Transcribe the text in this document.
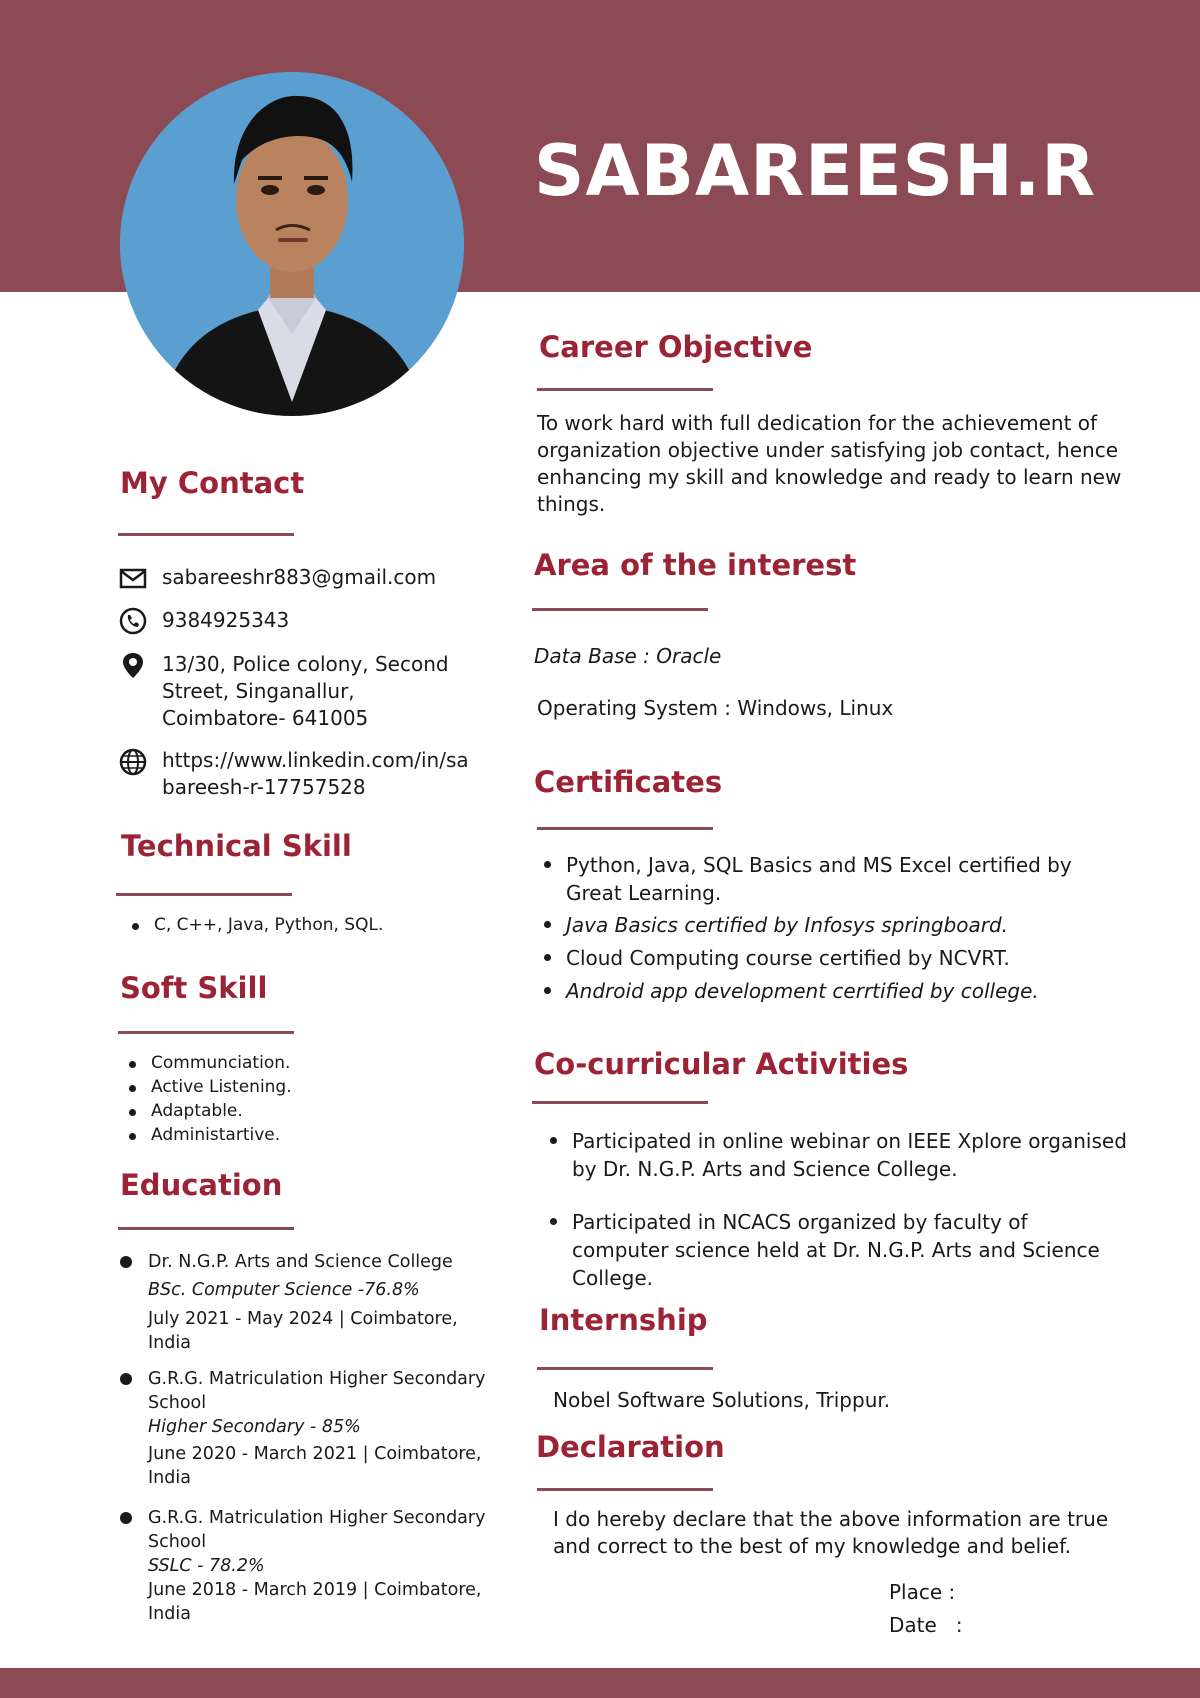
SABAREESH.R
My Contact
sabareeshr883@gmail.com
9384925343
13/30, Police colony, Second
Street, Singanallur,
Coimbatore- 641005
https://www.linkedin.com/in/sa
bareesh-r-17757528
Technical Skill
C, C++, Java, Python, SQL.
Soft Skill
Communciation.
Active Listening.
Adaptable.
Administartive.
Education
Dr. N.G.P. Arts and Science College
BSc. Computer Science -76.8%
July 2021 - May 2024 | Coimbatore,
India
G.R.G. Matriculation Higher Secondary
School
Higher Secondary - 85%
June 2020 - March 2021 | Coimbatore,
India
G.R.G. Matriculation Higher Secondary
School
SSLC - 78.2%
June 2018 - March 2019 | Coimbatore,
India
Career Objective
To work hard with full dedication for the achievement of
organization objective under satisfying job contact, hence
enhancing my skill and knowledge and ready to learn new
things.
Area of the interest
Data Base : Oracle
Operating System : Windows, Linux
Certificates
Python, Java, SQL Basics and MS Excel certified by
Great Learning.
Java Basics certified by Infosys springboard.
Cloud Computing course certified by NCVRT.
Android app development cerrtified by college.
Co-curricular Activities
Participated in online webinar on IEEE Xplore organised
by Dr. N.G.P. Arts and Science College.
Participated in NCACS organized by faculty of
computer science held at Dr. N.G.P. Arts and Science
College.
Internship
Nobel Software Solutions, Trippur.
Declaration
I do hereby declare that the above information are true
and correct to the best of my knowledge and belief.
Place :
Date   :
